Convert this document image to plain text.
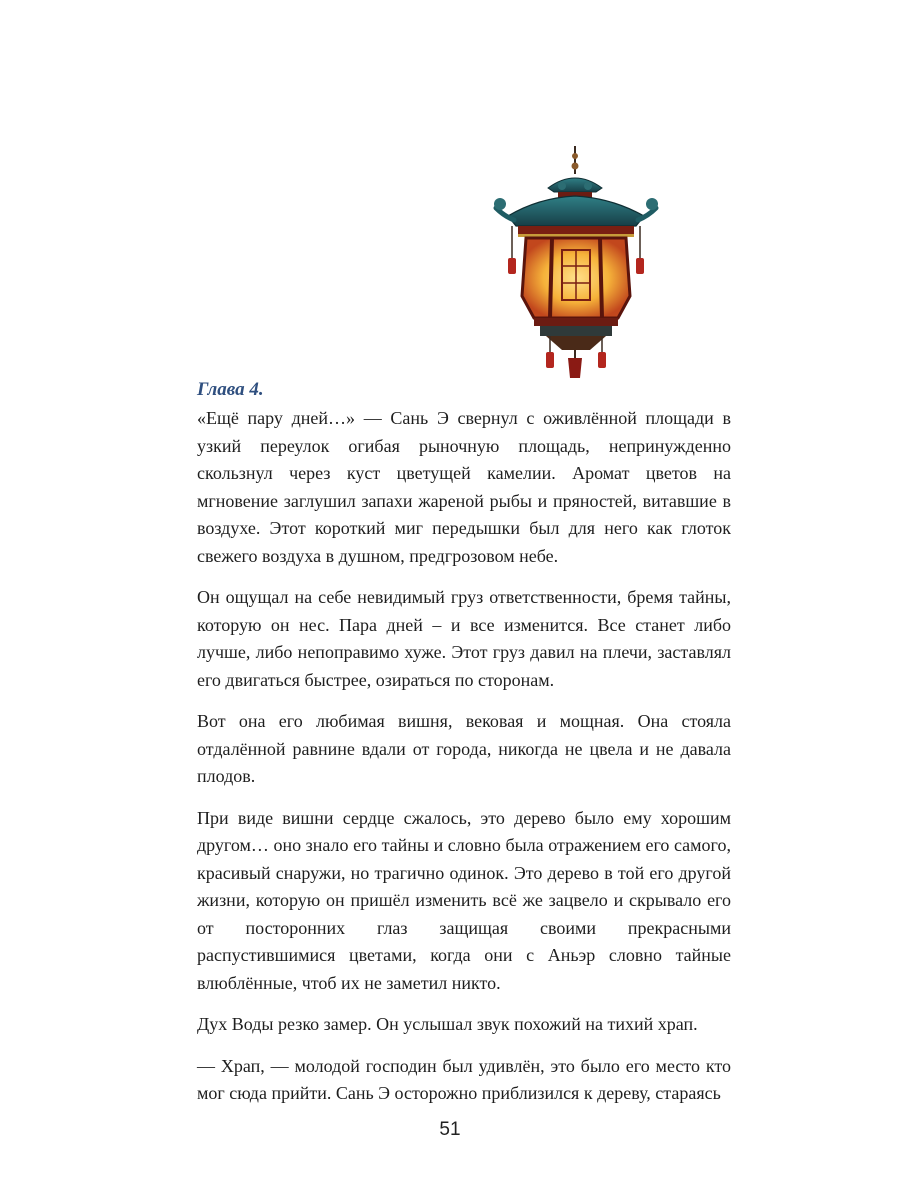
Глава 4.

«Ещё пару дней…» — Сань Э свернул с оживлённой площади в узкий переулок огибая рыночную площадь, непринужденно скользнул через куст цветущей камелии. Аромат цветов на мгновение заглушил запахи жареной рыбы и пряностей, витавшие в воздухе. Этот короткий миг передышки был для него как глоток свежего воздуха в душном, предгрозовом небе.

Он ощущал на себе невидимый груз ответственности, бремя тайны, которую он нес. Пара дней – и все изменится. Все станет либо лучше, либо непоправимо хуже. Этот груз давил на плечи, заставлял его двигаться быстрее, озираться по сторонам.

Вот она его любимая вишня, вековая и мощная. Она стояла отдалённой равнине вдали от города, никогда не цвела и не давала плодов.

При виде вишни сердце сжалось, это дерево было ему хорошим другом… оно знало его тайны и словно была отражением его самого, красивый снаружи, но трагично одинок. Это дерево в той его другой жизни, которую он пришёл изменить всё же зацвело и скрывало его от посторонних глаз защищая своими прекрасными распустившимися цветами, когда они с Аньэр словно тайные влюблённые, чтоб их не заметил никто.

Дух Воды резко замер. Он услышал звук похожий на тихий храп.

— Храп, — молодой господин был удивлён, это было его место кто мог сюда прийти. Сань Э осторожно приблизился к дереву, стараясь

51
